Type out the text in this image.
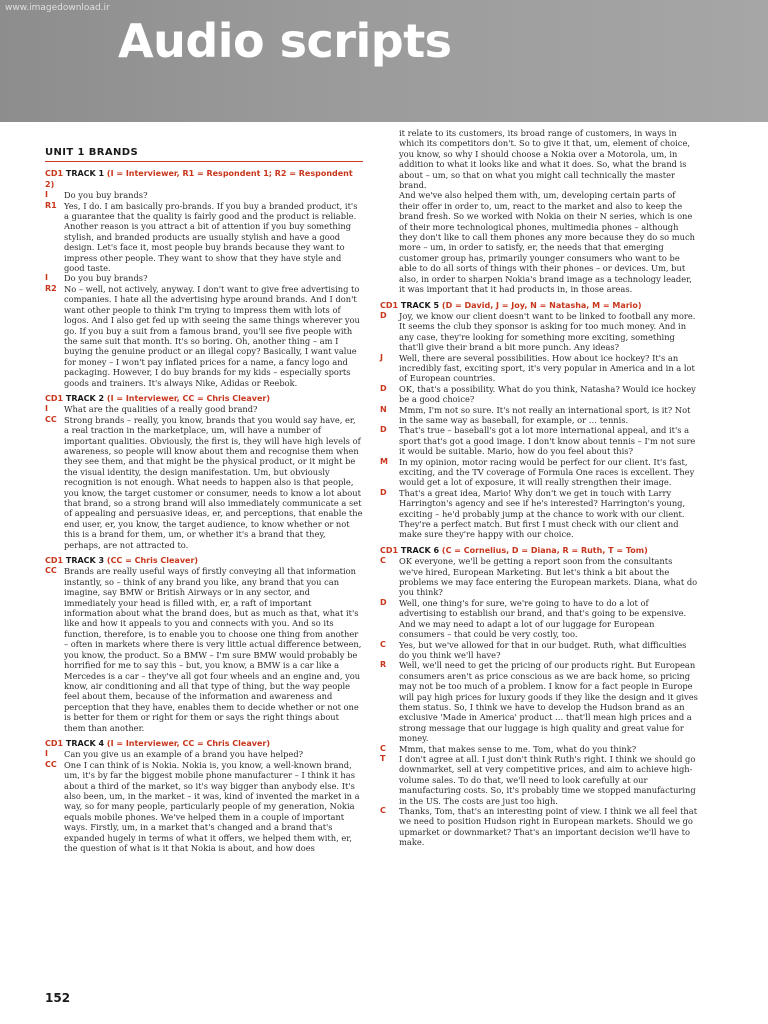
www.imagedownload.ir
Audio scripts
UNIT 1 BRANDS
CD1 TRACK 1 (I = Interviewer, R1 = Respondent 1; R2 = Respondent 2)
I	Do you buy brands?
R1 Yes, I do. I am basically pro-brands. If you buy a branded product, it's a guarantee that the quality is fairly good and the product is reliable. Another reason is you attract a bit of attention if you buy something stylish, and branded products are usually stylish and have a good design. Let's face it, most people buy brands because they want to impress other people. They want to show that they have style and good taste.
I	Do you buy brands?
R2 No – well, not actively, anyway. I don't want to give free advertising to companies. I hate all the advertising hype around brands. And I don't want other people to think I'm trying to impress them with lots of logos. And I also get fed up with seeing the same things wherever you go. If you buy a suit from a famous brand, you'll see five people with the same suit that month. It's so boring. Oh, another thing – am I buying the genuine product or an illegal copy? Basically, I want value for money – I won't pay inflated prices for a name, a fancy logo and packaging. However, I do buy brands for my kids – especially sports goods and trainers. It's always Nike, Adidas or Reebok.
CD1 TRACK 2 (I = Interviewer, CC = Chris Cleaver)
I	What are the qualities of a really good brand?
CC Strong brands – really, you know, brands that you would say have, er, a real traction in the marketplace, um, will have a number of important qualities. Obviously, the first is, they will have high levels of awareness, so people will know about them and recognise them when they see them, and that might be the physical product, or it might be the visual identity, the design manifestation. Um, but obviously recognition is not enough. What needs to happen also is that people, you know, the target customer or consumer, needs to know a lot about that brand, so a strong brand will also immediately communicate a set of appealing and persuasive ideas, er, and perceptions, that enable the end user, er, you know, the target audience, to know whether or not this is a brand for them, um, or whether it's a brand that they, perhaps, are not attracted to.
CD1 TRACK 3 (CC = Chris Cleaver)
CC Brands are really useful ways of firstly conveying all that information instantly, so – think of any brand you like, any brand that you can imagine, say BMW or British Airways or in any sector, and immediately your head is filled with, er, a raft of important information about what the brand does, but as much as that, what it's like and how it appeals to you and connects with you. And so its function, therefore, is to enable you to choose one thing from another – often in markets where there is very little actual difference between, you know, the product. So a BMW – I'm sure BMW would probably be horrified for me to say this – but, you know, a BMW is a car like a Mercedes is a car – they've all got four wheels and an engine and, you know, air conditioning and all that type of thing, but the way people feel about them, because of the information and awareness and perception that they have, enables them to decide whether or not one is better for them or right for them or says the right things about them than another.
CD1 TRACK 4 (I = Interviewer, CC = Chris Cleaver)
I	Can you give us an example of a brand you have helped?
CC One I can think of is Nokia. Nokia is, you know, a well-known brand, um, it's by far the biggest mobile phone manufacturer – I think it has about a third of the market, so it's way bigger than anybody else. It's also been, um, in the market – it was, kind of invented the market in a way, so for many people, particularly people of my generation, Nokia equals mobile phones. We've helped them in a couple of important ways. Firstly, um, in a market that's changed and a brand that's expanded hugely in terms of what it offers, we helped them with, er, the question of what is it that Nokia is about, and how does
it relate to its customers, its broad range of customers, in ways in which its competitors don't. So to give it that, um, element of choice, you know, so why I should choose a Nokia over a Motorola, um, in addition to what it looks like and what it does. So, what the brand is about – um, so that on what you might call technically the master brand.
And we've also helped them with, um, developing certain parts of their offer in order to, um, react to the market and also to keep the brand fresh. So we worked with Nokia on their N series, which is one of their more technological phones, multimedia phones – although they don't like to call them phones any more because they do so much more – um, in order to satisfy, er, the needs that that emerging customer group has, primarily younger consumers who want to be able to do all sorts of things with their phones – or devices. Um, but also, in order to sharpen Nokia's brand image as a technology leader, it was important that it had products in, in those areas.
CD1 TRACK 5 (D = David, J = Joy, N = Natasha, M = Mario)
D	Joy, we know our client doesn't want to be linked to football any more. It seems the club they sponsor is asking for too much money. And in any case, they're looking for something more exciting, something that'll give their brand a bit more punch. Any ideas?
J	Well, there are several possibilities. How about ice hockey? It's an incredibly fast, exciting sport, it's very popular in America and in a lot of European countries.
D	OK, that's a possibility. What do you think, Natasha? Would ice hockey be a good choice?
N	Mmm, I'm not so sure. It's not really an international sport, is it? Not in the same way as baseball, for example, or … tennis.
D	That's true – baseball's got a lot more international appeal, and it's a sport that's got a good image. I don't know about tennis – I'm not sure it would be suitable. Mario, how do you feel about this?
M	In my opinion, motor racing would be perfect for our client. It's fast, exciting, and the TV coverage of Formula One races is excellent. They would get a lot of exposure, it will really strengthen their image.
D	That's a great idea, Mario! Why don't we get in touch with Larry Harrington's agency and see if he's interested? Harrington's young, exciting – he'd probably jump at the chance to work with our client. They're a perfect match. But first I must check with our client and make sure they're happy with our choice.
CD1 TRACK 6 (C = Cornelius, D = Diana, R = Ruth, T = Tom)
C	OK everyone, we'll be getting a report soon from the consultants we've hired, European Marketing. But let's think a bit about the problems we may face entering the European markets. Diana, what do you think?
D	Well, one thing's for sure, we're going to have to do a lot of advertising to establish our brand, and that's going to be expensive. And we may need to adapt a lot of our luggage for European consumers – that could be very costly, too.
C	Yes, but we've allowed for that in our budget. Ruth, what difficulties do you think we'll have?
R	Well, we'll need to get the pricing of our products right. But European consumers aren't as price conscious as we are back home, so pricing may not be too much of a problem. I know for a fact people in Europe will pay high prices for luxury goods if they like the design and it gives them status. So, I think we have to develop the Hudson brand as an exclusive 'Made in America' product … that'll mean high prices and a strong message that our luggage is high quality and great value for money.
C	Mmm, that makes sense to me. Tom, what do you think?
T	I don't agree at all. I just don't think Ruth's right. I think we should go downmarket, sell at very competitive prices, and aim to achieve high-volume sales. To do that, we'll need to look carefully at our manufacturing costs. So, it's probably time we stopped manufacturing in the US. The costs are just too high.
C	Thanks, Tom, that's an interesting point of view. I think we all feel that we need to position Hudson right in European markets. Should we go upmarket or downmarket? That's an important decision we'll have to make.
152
